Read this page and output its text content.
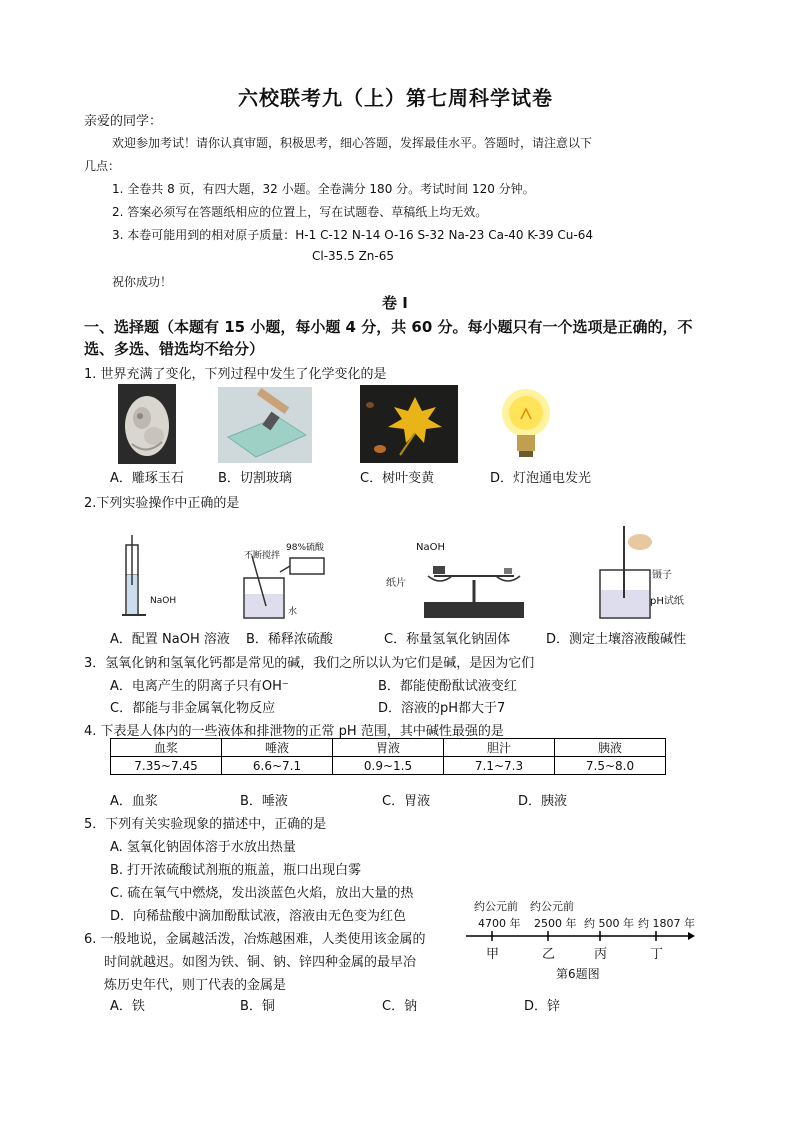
六校联考九（上）第七周科学试卷
亲爱的同学：
欢迎参加考试！请你认真审题，积极思考，细心答题，发挥最佳水平。答题时，请注意以下
几点：
1. 全卷共 8 页，有四大题，32 小题。全卷满分 180 分。考试时间 120 分钟。
2. 答案必须写在答题纸相应的位置上，写在试题卷、草稿纸上均无效。
3. 本卷可能用到的相对原子质量：H-1 C-12 N-14 O-16 S-32 Na-23 Ca-40 K-39 Cu-64
Cl-35.5 Zn-65
祝你成功！
卷 I
一、选择题（本题有 15 小题，每小题 4 分，共 60 分。每小题只有一个选项是正确的，不
选、多选、错选均不给分）
1. 世界充满了变化，下列过程中发生了化学变化的是
A．雕琢玉石	B．切割玻璃	C．树叶变黄	D．灯泡通电发光
2.下列实验操作中正确的是
NaOH
不断搅拌
98%硫酸
水
NaOH
纸片
镊子
pH试纸
A．配置 NaOH 溶液 B．稀释浓硫酸	C．称量氢氧化钠固体	D．测定土壤溶液酸碱性
3．氢氧化钠和氢氧化钙都是常见的碱，我们之所以认为它们是碱，是因为它们
A．电离产生的阴离子只有OH⁻	B．都能使酚酞试液变红
C．都能与非金属氧化物反应	D．溶液的pH都大于7
4. 下表是人体内的一些液体和排泄物的正常 pH 范围，其中碱性最强的是
血浆	唾液	胃液	胆汁	胰液
7.35~7.45	6.6~7.1	0.9~1.5	7.1~7.3	7.5~8.0
A．血浆	B．唾液	C．胃液	D．胰液
5．下列有关实验现象的描述中，正确的是
A. 氢氧化钠固体溶于水放出热量
B. 打开浓硫酸试剂瓶的瓶盖，瓶口出现白雾
C. 硫在氧气中燃烧，发出淡蓝色火焰，放出大量的热
D．向稀盐酸中滴加酚酞试液，溶液由无色变为红色
6. 一般地说，金属越活泼，冶炼越困难，人类使用该金属的
时间就越迟。如图为铁、铜、钠、锌四种金属的最早冶
炼历史年代，则丁代表的金属是
约公元前 约公元前
4700 年 2500 年 约 500 年 约 1807 年
甲	乙	丙	丁
第6题图
A．铁	B．铜	C．钠	D．锌
